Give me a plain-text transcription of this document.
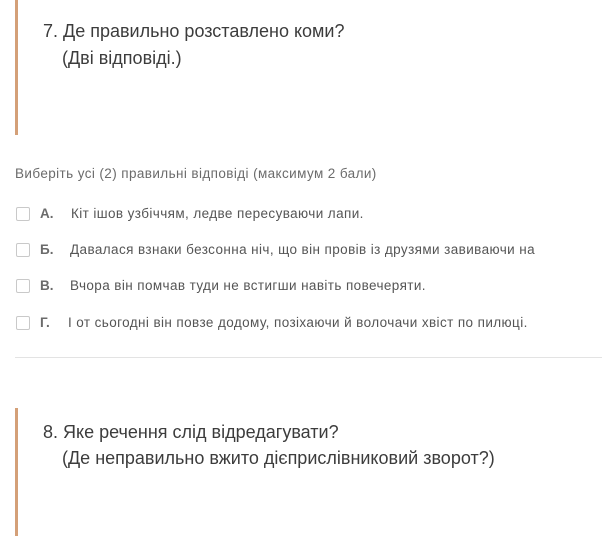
7. Де правильно розставлено коми?
(Дві відповіді.)
Виберіть усі (2) правильні відповіді (максимум 2 бали)
А. Кіт ішов узбіччям, ледве пересуваючи лапи.
Б. Давалася взнаки безсонна ніч, що він провів із друзями завиваючи на
В. Вчора він помчав туди не встигши навіть повечеряти.
Г. І от сьогодні він повзе додому, позіхаючи й волочачи хвіст по пилюці.
8. Яке речення слід відредагувати?
(Де неправильно вжито дієприслівниковий зворот?)
